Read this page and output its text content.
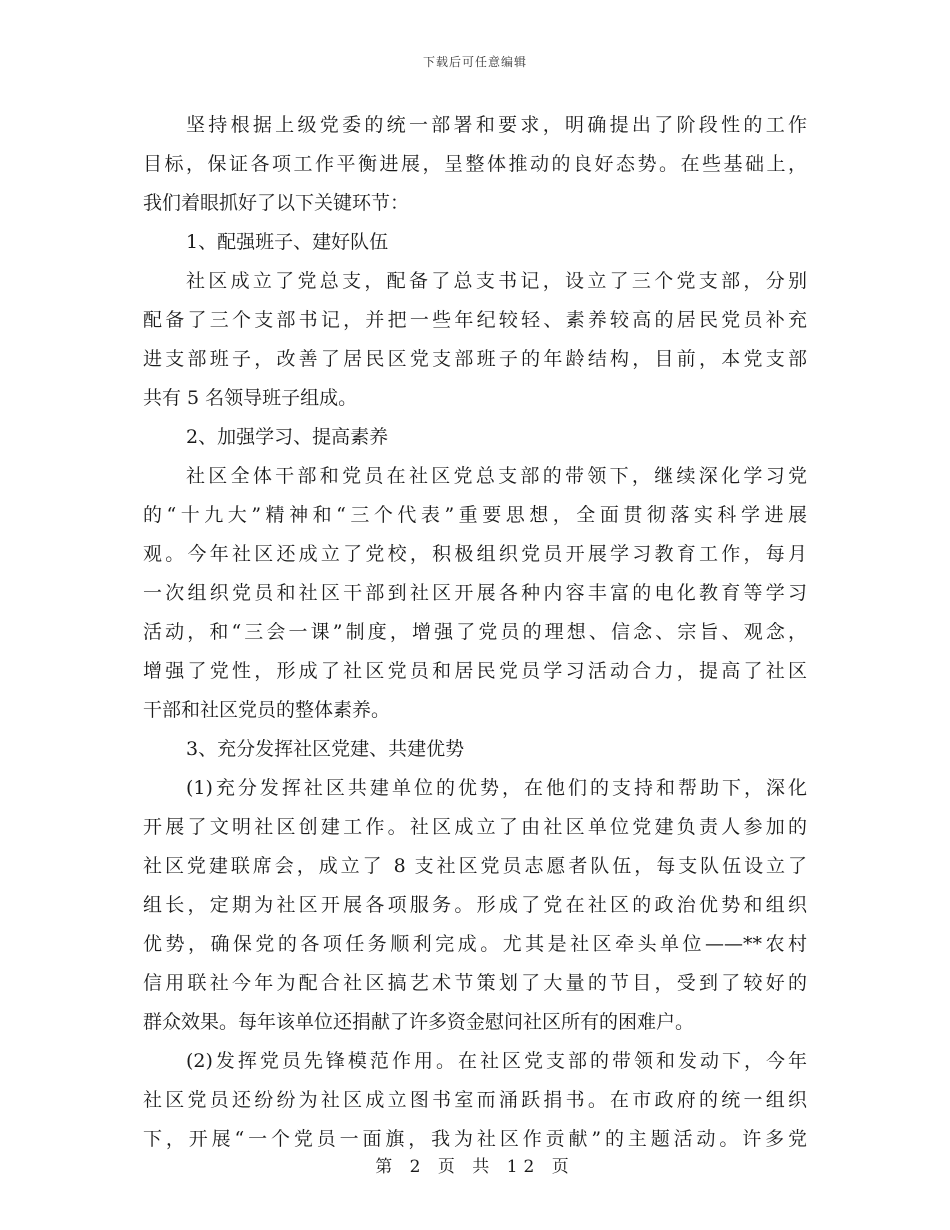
下载后可任意编辑
坚持根据上级党委的统一部署和要求，明确提出了阶段性的工作
目标，保证各项工作平衡进展，呈整体推动的良好态势。在些基础上，
我们着眼抓好了以下关键环节：
1、配强班子、建好队伍
社区成立了党总支，配备了总支书记，设立了三个党支部，分别
配备了三个支部书记，并把一些年纪较轻、素养较高的居民党员补充
进支部班子，改善了居民区党支部班子的年龄结构，目前，本党支部
共有 5 名领导班子组成。
2、加强学习、提高素养
社区全体干部和党员在社区党总支部的带领下，继续深化学习党
的“十九大”精神和“三个代表”重要思想，全面贯彻落实科学进展
观。今年社区还成立了党校，积极组织党员开展学习教育工作，每月
一次组织党员和社区干部到社区开展各种内容丰富的电化教育等学习
活动，和“三会一课”制度，增强了党员的理想、信念、宗旨、观念，
增强了党性，形成了社区党员和居民党员学习活动合力，提高了社区
干部和社区党员的整体素养。
3、充分发挥社区党建、共建优势
(1)充分发挥社区共建单位的优势，在他们的支持和帮助下，深化
开展了文明社区创建工作。社区成立了由社区单位党建负责人参加的
社区党建联席会，成立了 8 支社区党员志愿者队伍，每支队伍设立了
组长，定期为社区开展各项服务。形成了党在社区的政治优势和组织
优势，确保党的各项任务顺利完成。尤其是社区牵头单位——**农村
信用联社今年为配合社区搞艺术节策划了大量的节目，受到了较好的
群众效果。每年该单位还捐献了许多资金慰问社区所有的困难户。
(2)发挥党员先锋模范作用。在社区党支部的带领和发动下，今年
社区党员还纷纷为社区成立图书室而涌跃捐书。在市政府的统一组织
下，开展“一个党员一面旗，我为社区作贡献”的主题活动。许多党
第 2 页 共 12 页
